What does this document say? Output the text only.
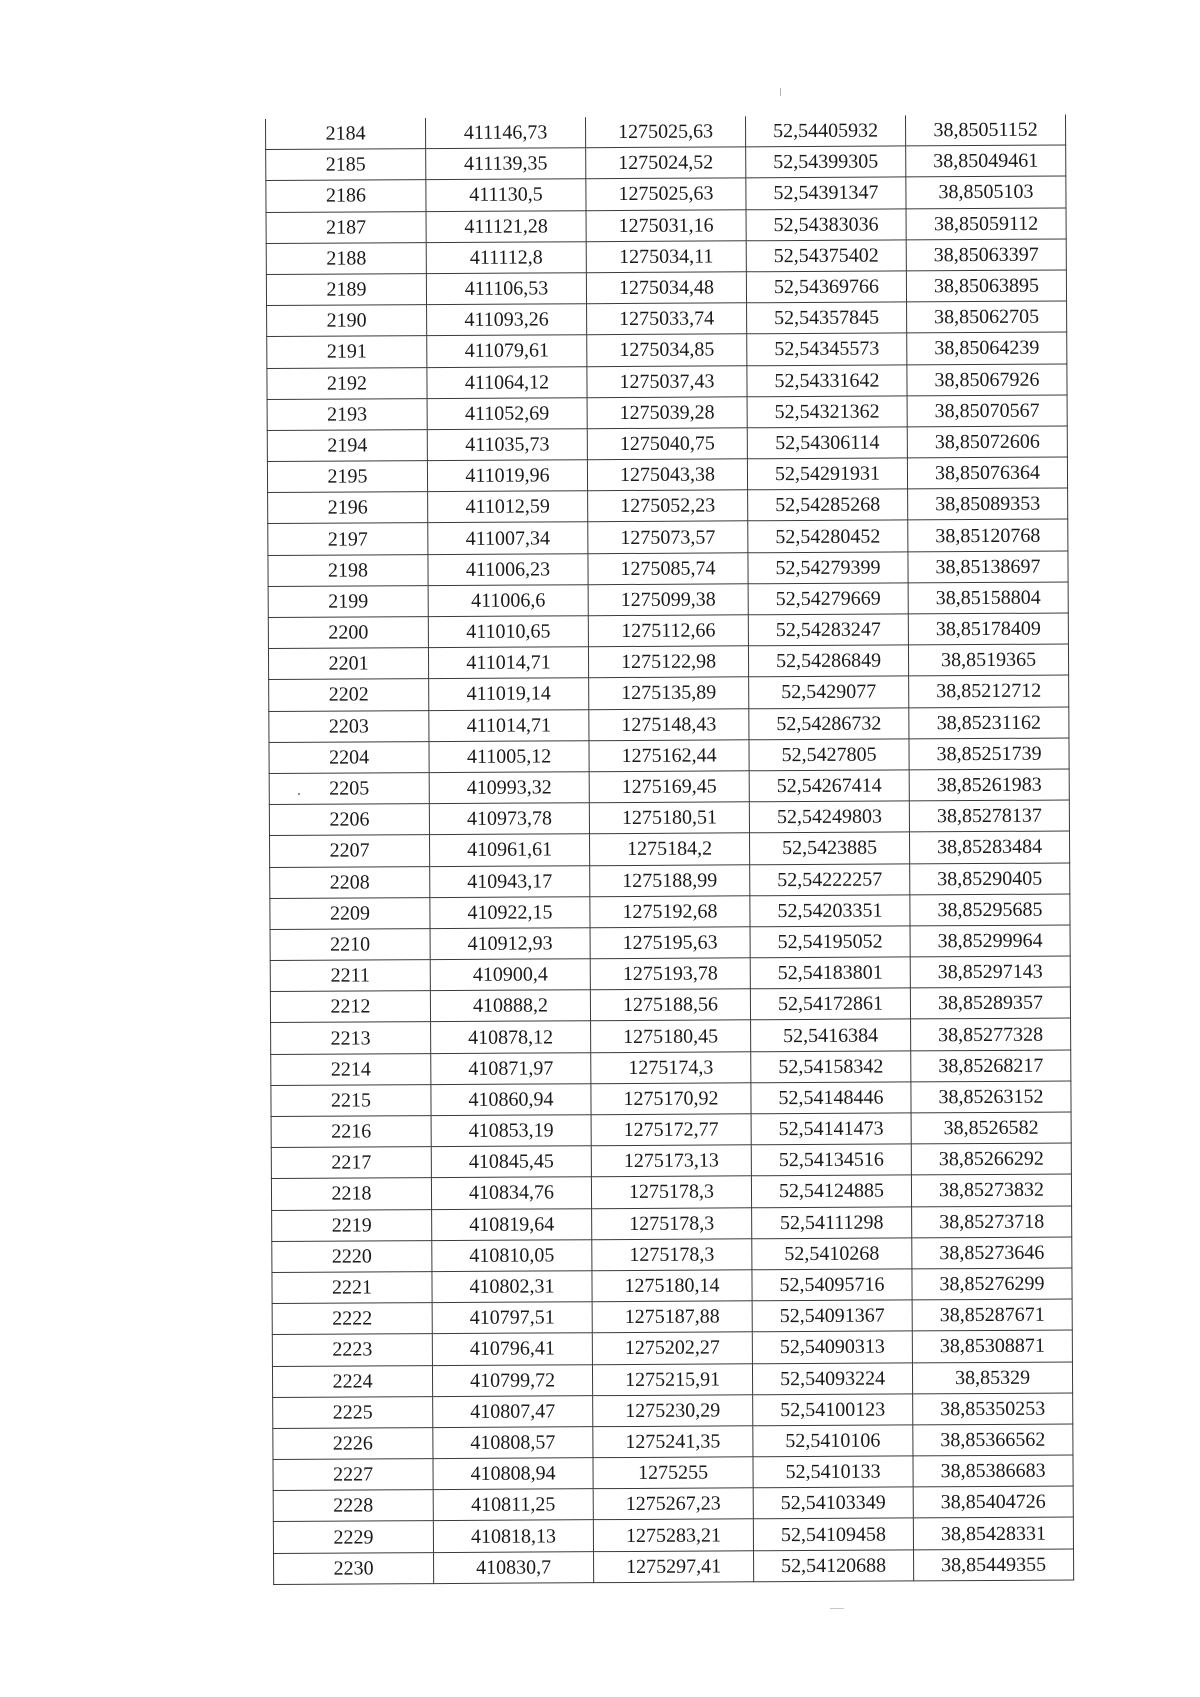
2184	411146,73	1275025,63	52,54405932	38,85051152
2185	411139,35	1275024,52	52,54399305	38,85049461
2186	411130,5	1275025,63	52,54391347	38,8505103
2187	411121,28	1275031,16	52,54383036	38,85059112
2188	411112,8	1275034,11	52,54375402	38,85063397
2189	411106,53	1275034,48	52,54369766	38,85063895
2190	411093,26	1275033,74	52,54357845	38,85062705
2191	411079,61	1275034,85	52,54345573	38,85064239
2192	411064,12	1275037,43	52,54331642	38,85067926
2193	411052,69	1275039,28	52,54321362	38,85070567
2194	411035,73	1275040,75	52,54306114	38,85072606
2195	411019,96	1275043,38	52,54291931	38,85076364
2196	411012,59	1275052,23	52,54285268	38,85089353
2197	411007,34	1275073,57	52,54280452	38,85120768
2198	411006,23	1275085,74	52,54279399	38,85138697
2199	411006,6	1275099,38	52,54279669	38,85158804
2200	411010,65	1275112,66	52,54283247	38,85178409
2201	411014,71	1275122,98	52,54286849	38,8519365
2202	411019,14	1275135,89	52,5429077	38,85212712
2203	411014,71	1275148,43	52,54286732	38,85231162
2204	411005,12	1275162,44	52,5427805	38,85251739
2205	410993,32	1275169,45	52,54267414	38,85261983
2206	410973,78	1275180,51	52,54249803	38,85278137
2207	410961,61	1275184,2	52,5423885	38,85283484
2208	410943,17	1275188,99	52,54222257	38,85290405
2209	410922,15	1275192,68	52,54203351	38,85295685
2210	410912,93	1275195,63	52,54195052	38,85299964
2211	410900,4	1275193,78	52,54183801	38,85297143
2212	410888,2	1275188,56	52,54172861	38,85289357
2213	410878,12	1275180,45	52,5416384	38,85277328
2214	410871,97	1275174,3	52,54158342	38,85268217
2215	410860,94	1275170,92	52,54148446	38,85263152
2216	410853,19	1275172,77	52,54141473	38,8526582
2217	410845,45	1275173,13	52,54134516	38,85266292
2218	410834,76	1275178,3	52,54124885	38,85273832
2219	410819,64	1275178,3	52,54111298	38,85273718
2220	410810,05	1275178,3	52,5410268	38,85273646
2221	410802,31	1275180,14	52,54095716	38,85276299
2222	410797,51	1275187,88	52,54091367	38,85287671
2223	410796,41	1275202,27	52,54090313	38,85308871
2224	410799,72	1275215,91	52,54093224	38,85329
2225	410807,47	1275230,29	52,54100123	38,85350253
2226	410808,57	1275241,35	52,5410106	38,85366562
2227	410808,94	1275255	52,5410133	38,85386683
2228	410811,25	1275267,23	52,54103349	38,85404726
2229	410818,13	1275283,21	52,54109458	38,85428331
2230	410830,7	1275297,41	52,54120688	38,85449355
